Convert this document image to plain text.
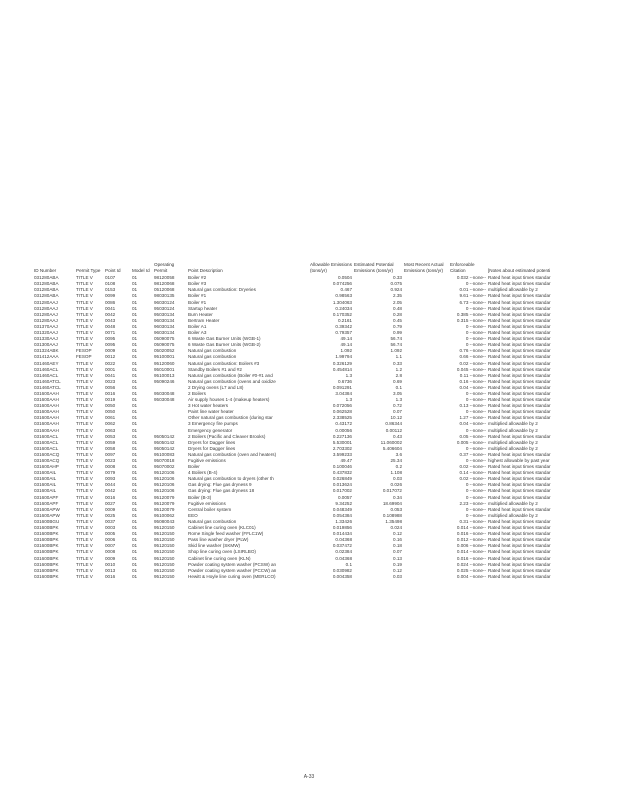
ID Number	Permit Type	Point Id	Model Id	Operating Permit	Point Description	Allowable Emissions (tons/yr)	Estimated Potential Emissions (tons/yr)	Most Recent Actual Emissions (tons/yr)	Enforceable Citation	[Notes about estimated potenti
031280ABA	TITLE V	0107	01	98120058	Boiler #2	0.0504	0.33	0.032 --none--		Rated heat input times standar
031280ABA	TITLE V	0108	01	98120068	Boiler #3	0.074256	0.075	0 --none--		Rated heat input times standar
031280ABA	TITLE V	0153	01	05120068	Natural gas combustion: Dryeries	0.467	0.924	0.01 --none--		multiplied allowable by 2
031280ABA	TITLE V	0099	01	98030135	Boiler #1	0.98563	2.35	9.61 --none--		Rated heat input times standar
031280AAJ	TITLE V	0086	01	96030124	Boiler #1	1.304063	2.05	6.73 --none--		Rated heat input times standar
031280AAJ	TITLE V	0041	01	95030124	Startup heater	0.24034	0.48	0 --none--		Rated heat input times standar
031280AAJ	TITLE V	0042	01	95030134	Burn Heater	0.170352	0.28	0.385 --none--		Rated heat input times standar
031280AAJ	TITLE V	0043	01	96030134	Bertram Heater	0.2161	0.45	0.315 --none--		Rated heat input times standar
031370AAJ	TITLE V	0048	01	96030134	Boiler A1	0.39342	0.79	0 --none--		Rated heat input times standar
031320AAJ	TITLE V	0071	01	96030134	Boiler A3	0.79357	0.99	0 --none--		Rated heat input times standar
031330AAJ	TITLE V	0095	01	05090075	6 Waste Gas Burner Units (WGB-1)	49.14	56.74	0 --none--		Rated heat input times standar
031300AAJ	TITLE V	0095	01	05090075	6 Waste Gas Burner Units (WGB-2)	49.14	56.74	0 --none--		Rated heat input times standar
031324ABK	FESOP	0009	01	05020052	Natural gas combustion	1.092	1.092	0.76 --none--		Rated heat input times standar
031412AAA	FESOP	0012	01	95100001	Natural gas combustion	1.99794	1.1	0.66 --none--		Rated heat input times standar
031460AEY	TITLE V	0022	01	95120060	Natural gas combustion: Boilers #3	0.326129	0.33	0.02 --none--		Rated heat input times standar
031460ACL	TITLE V	0001	01	95010001	Standby Boilers #1 and #2	0.454814	1.2	0.045 --none--		Rated heat input times standar
031460ACL	TITLE V	0041	01	95100013	Natural gas combustion (Boiler #0-#1 and	1.3	2.8	0.11 --none--		Rated heat input times standar
031460ATCL	TITLE V	0023	01	95090246	Natural gas combustion (ovens and oxidize	0.6736	0.69	0.16 --none--		Rated heat input times standar
031460ATCL	TITLE V	0056	01		2 Drying ovens (L7 and L8)	0.091291	0.1	0.04 --none--		Rated heat input times standar
031600AAH	TITLE V	0016	01	95030048	2 Boilers	3.04384	3.05	0 --none--		Rated heat input times standar
031600AAH	TITLE V	0019	01	95030048	Air supply houses 1-4 (makeup heaters)	1.3	1.3	0 --none--		Rated heat input times standar
031600AAH	TITLE V	0050	01		3 Hot water heaters	0.072056	0.72	0.13 --none--		Rated heat input times standar
031600AAH	TITLE V	0050	01		Paint line water heater	0.062528	0.07	0 --none--		Rated heat input times standar
031600AAH	TITLE V	0061	01		Other natural gas combustion (during star	2.338525	10.12	1.27 --none--		Rated heat input times standar
031600AAH	TITLE V	0062	01		3 Emergency fire pumps	0.43172	0.86344	0.04 --none--		multiplied allowable by 2
031600AAH	TITLE V	0063	01		Emergency generator	0.00056	0.00112	0 --none--		multiplied allowable by 2
031600ACL	TITLE V	0053	01	95050142	2 Boilers (Pacific and Cleaver Brooks)	0.227136	0.43	0.05 --none--		Rated heat input times standar
031600ACL	TITLE V	0059	01	95050142	Dryers for Dagger lines	5.530001	11.060002	0.005 --none--		multiplied allowable by 2
031600ACL	TITLE V	0058	01	95050142	Dryers for Dagger lines	2.703302	5.406604	0 --none--		multiplied allowable by 2
031600ACQ	TITLE V	0097	01	95100083	Natural gas combustion (oven and heaters)	3.599233	3.6	0.37 --none--		Rated heat input times standar
031600ACQ	TITLE V	0023	01	95070018	Fugitive emissions	49.47	25.34	0 --none--		highest allowable by past year
031600AHP	TITLE V	0008	01	95070002	Boiler	0.100046	0.2	0.02 --none--		Rated heat input times standar
031600AIL	TITLE V	0079	01	95120106	4 Boilers (B-4)	0.437832	1.108	0.14 --none--		Rated heat input times standar
031600AIL	TITLE V	0093	01	95120106	Natural gas combustion to dryers (other th	0.026849	0.03	0.02 --none--		Rated heat input times standar
031600AIL	TITLE V	0044	01	95120106	Gas drying: Flue gas dryness 9	0.013624	0.026	0 --none--		Rated heat input times standar
031600AIL	TITLE V	0042	01	95120106	Gas drying: Flue gas dryness 18	0.017002	0.017072	0 --none--		Rated heat input times standar
031600APF	TITLE V	0016	01	95120079	Boiler (B-3)	0.0057	0.34	0 --none--		Rated heat input times standar
031600APF	TITLE V	0027	01	95120079	Fugitive emissions	9.34252	18.69904	2.23 --none--		multiplied allowable by 2
031600APW	TITLE V	0009	01	95120079	Central boiler system	0.048349	0.053	0 --none--		Rated heat input times standar
031600APW	TITLE V	0025	01	95100062	EEO	0.054384	0.108988	0 --none--		multiplied allowable by 2
031600BGU	TITLE V	0037	01	95080043	Natural gas combustion	1.33426	1.35498	0.31 --none--		Rated heat input times standar
031600BPK	TITLE V	0003	01	95120150	Cabinet line curing oven (KLC01)	0.019856	0.024	0.014 --none--		Rated heat input times standar
031600BPK	TITLE V	0005	01	95120150	Rome Single feed washer (FFLC1W)	0.014434	0.12	0.016 --none--		Rated heat input times standar
031600BPK	TITLE V	0006	01	95120150	Pass line washer dryer (PLW)	0.04368	0.16	0.012 --none--		Rated heat input times standar
031600BPK	TITLE V	0007	01	95120150	Skid line washer (SKMW)	0.037472	0.18	0.006 --none--		Rated heat input times standar
031600BPK	TITLE V	0008	01	95120150	Shop line curing oven (LSIRLBO)	0.02384	0.07	0.014 --none--		Rated heat input times standar
031600BPK	TITLE V	0009	01	95120150	Cabinet line curing oven (KLN)	0.04368	0.13	0.016 --none--		Rated heat input times standar
031600BPK	TITLE V	0010	01	95120150	Powder coating system washer (PCSW) an	0.1	0.19	0.024 --none--		Rated heat input times standar
031600BPK	TITLE V	0013	01	95120150	Powder coating system washer (PCCW) an	0.030982	0.12	0.025 --none--		Rated heat input times standar
031600BPK	TITLE V	0016	01	95120150	Hewitt & Hoyle line curing oven (MERLCO)	0.004358	0.03	0.004 --none--		Rated heat input times standar
A-33
